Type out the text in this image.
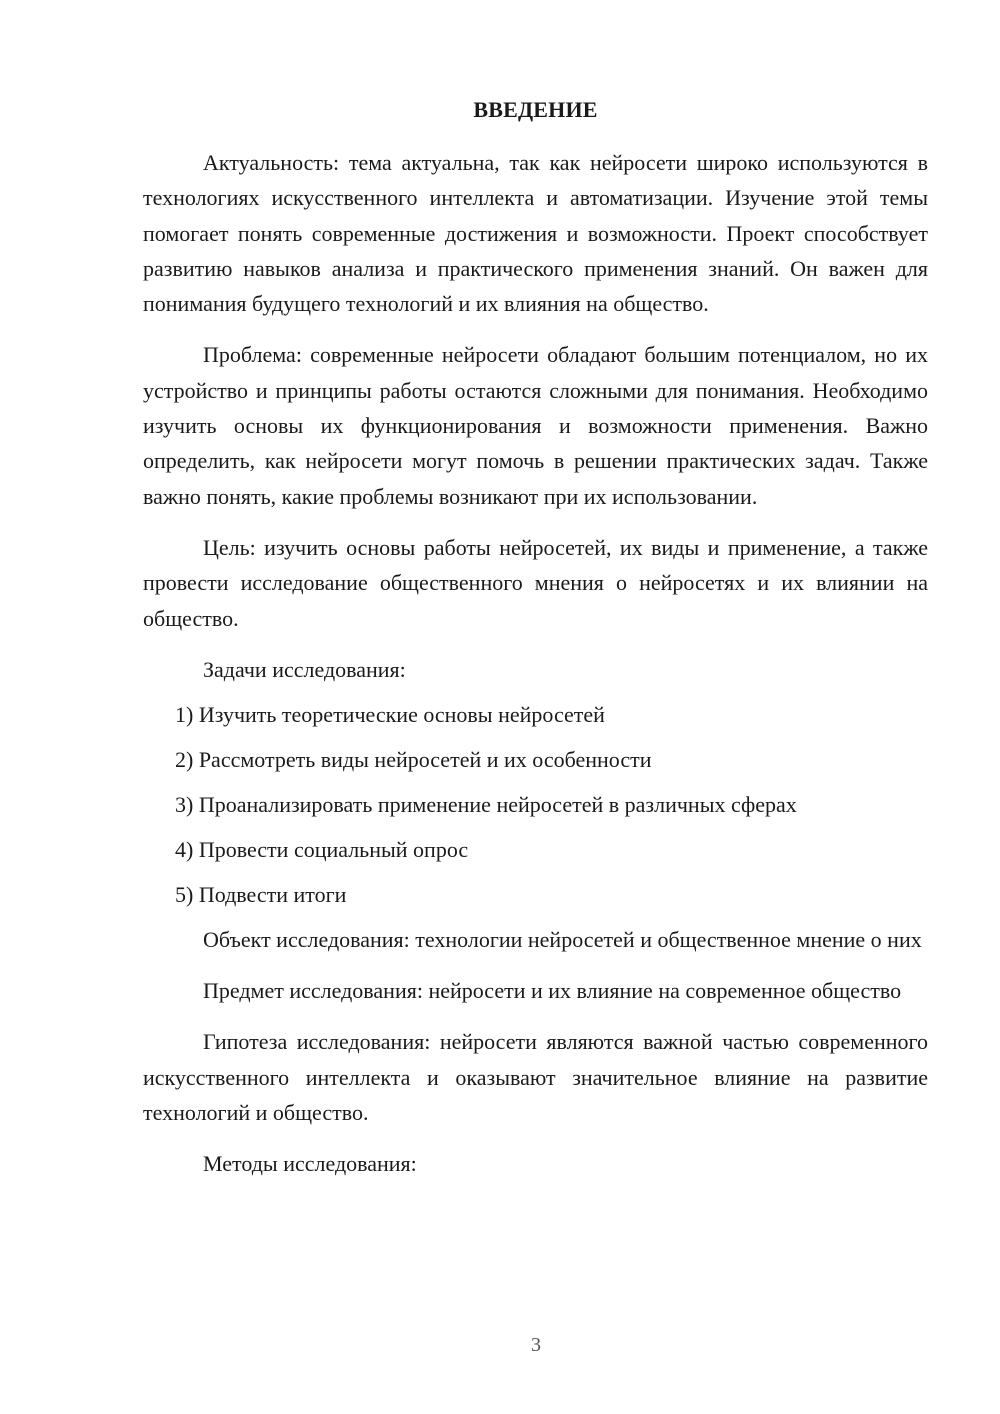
ВВЕДЕНИЕ

Актуальность: тема актуальна, так как нейросети широко используются в технологиях искусственного интеллекта и автоматизации. Изучение этой темы помогает понять современные достижения и возможности. Проект способствует развитию навыков анализа и практического применения знаний. Он важен для понимания будущего технологий и их влияния на общество.

Проблема: современные нейросети обладают большим потенциалом, но их устройство и принципы работы остаются сложными для понимания. Необходимо изучить основы их функционирования и возможности применения. Важно определить, как нейросети могут помочь в решении практических задач. Также важно понять, какие проблемы возникают при их использовании.

Цель: изучить основы работы нейросетей, их виды и применение, а также провести исследование общественного мнения о нейросетях и их влиянии на общество.

Задачи исследования:

1) Изучить теоретические основы нейросетей
2) Рассмотреть виды нейросетей и их особенности
3) Проанализировать применение нейросетей в различных сферах
4) Провести социальный опрос
5) Подвести итоги

Объект исследования: технологии нейросетей и общественное мнение о них

Предмет исследования: нейросети и их влияние на современное общество

Гипотеза исследования: нейросети являются важной частью современного искусственного интеллекта и оказывают значительное влияние на развитие технологий и общество.

Методы исследования:

3
